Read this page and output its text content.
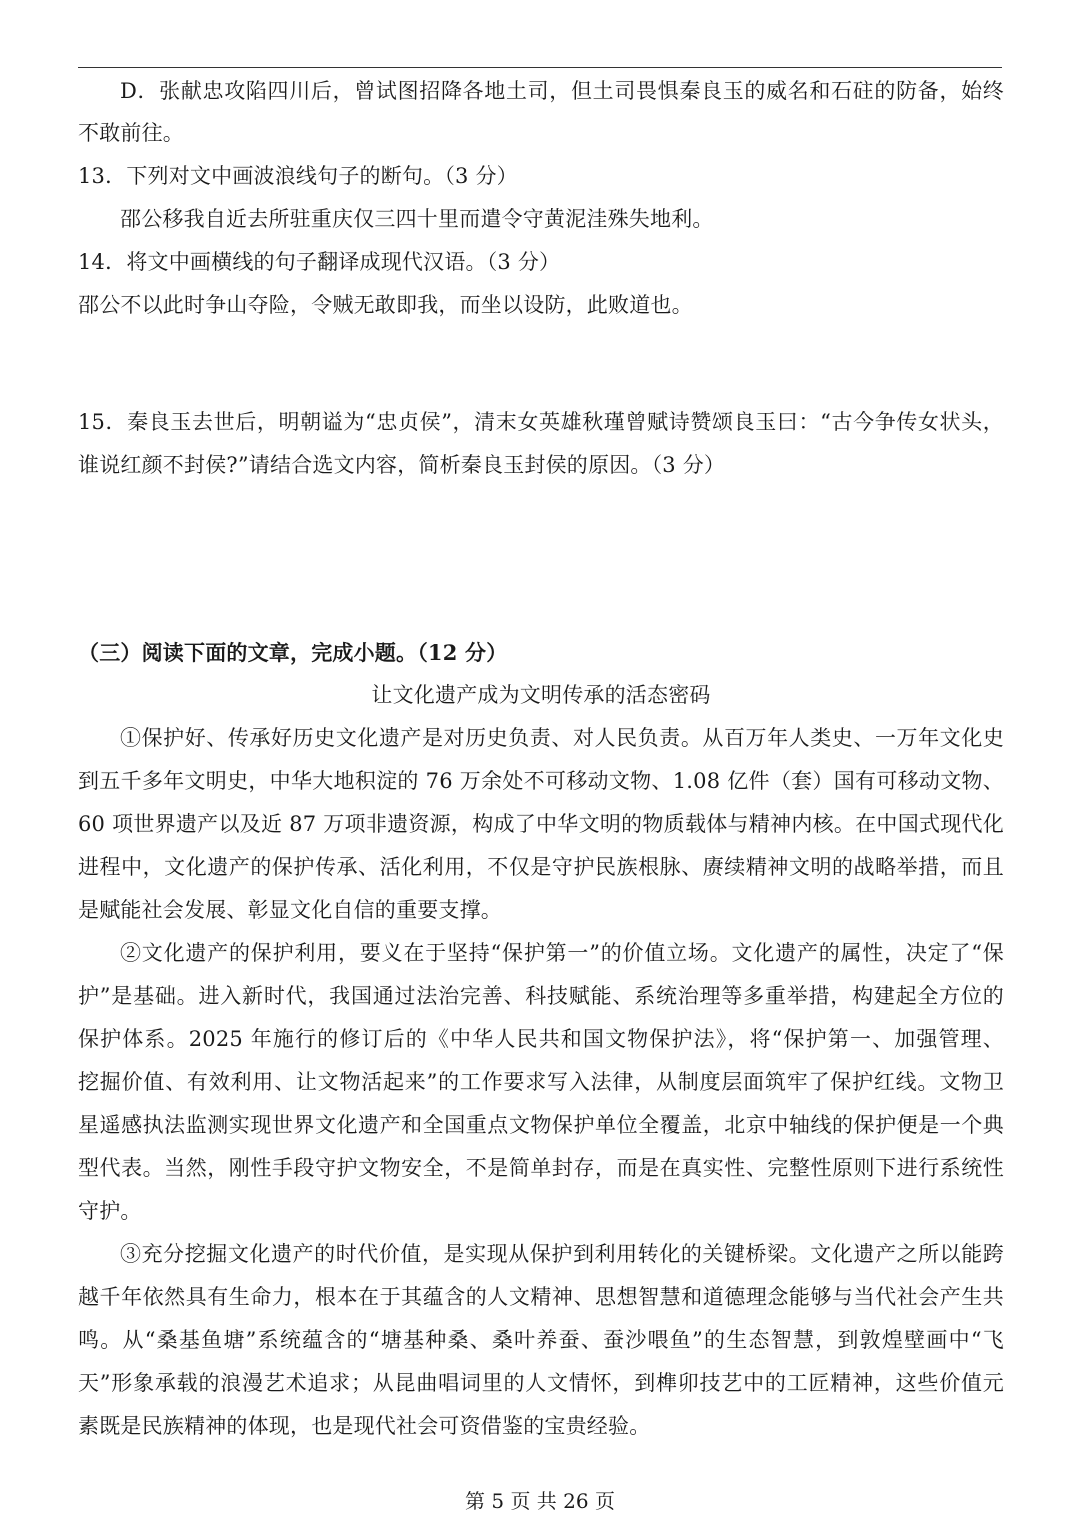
D．张献忠攻陷四川后，曾试图招降各地土司，但土司畏惧秦良玉的威名和石砫的防备，始终
不敢前往。
13．下列对文中画波浪线句子的断句。（3 分）
邵公移我自近去所驻重庆仅三四十里而遣令守黄泥洼殊失地利。
14．将文中画横线的句子翻译成现代汉语。（3 分）
邵公不以此时争山夺险，令贼无敢即我，而坐以设防，此败道也。
15．秦良玉去世后，明朝谥为“忠贞侯”，清末女英雄秋瑾曾赋诗赞颂良玉曰：“古今争传女状头，
谁说红颜不封侯?”请结合选文内容，简析秦良玉封侯的原因。（3 分）
（三）阅读下面的文章，完成小题。（12 分）
让文化遗产成为文明传承的活态密码
①保护好、传承好历史文化遗产是对历史负责、对人民负责。从百万年人类史、一万年文化史
到五千多年文明史，中华大地积淀的 76 万余处不可移动文物、1.08 亿件（套）国有可移动文物、
60 项世界遗产以及近 87 万项非遗资源，构成了中华文明的物质载体与精神内核。在中国式现代化
进程中，文化遗产的保护传承、活化利用，不仅是守护民族根脉、赓续精神文明的战略举措，而且
是赋能社会发展、彰显文化自信的重要支撑。
②文化遗产的保护利用，要义在于坚持“保护第一”的价值立场。文化遗产的属性，决定了“保
护”是基础。进入新时代，我国通过法治完善、科技赋能、系统治理等多重举措，构建起全方位的
保护体系。2025 年施行的修订后的《中华人民共和国文物保护法》，将“保护第一、加强管理、
挖掘价值、有效利用、让文物活起来”的工作要求写入法律，从制度层面筑牢了保护红线。文物卫
星遥感执法监测实现世界文化遗产和全国重点文物保护单位全覆盖，北京中轴线的保护便是一个典
型代表。当然，刚性手段守护文物安全，不是简单封存，而是在真实性、完整性原则下进行系统性
守护。
③充分挖掘文化遗产的时代价值，是实现从保护到利用转化的关键桥梁。文化遗产之所以能跨
越千年依然具有生命力，根本在于其蕴含的人文精神、思想智慧和道德理念能够与当代社会产生共
鸣。从“桑基鱼塘”系统蕴含的“塘基种桑、桑叶养蚕、蚕沙喂鱼”的生态智慧，到敦煌壁画中“飞
天”形象承载的浪漫艺术追求；从昆曲唱词里的人文情怀，到榫卯技艺中的工匠精神，这些价值元
素既是民族精神的体现，也是现代社会可资借鉴的宝贵经验。
第 5 页 共 26 页
